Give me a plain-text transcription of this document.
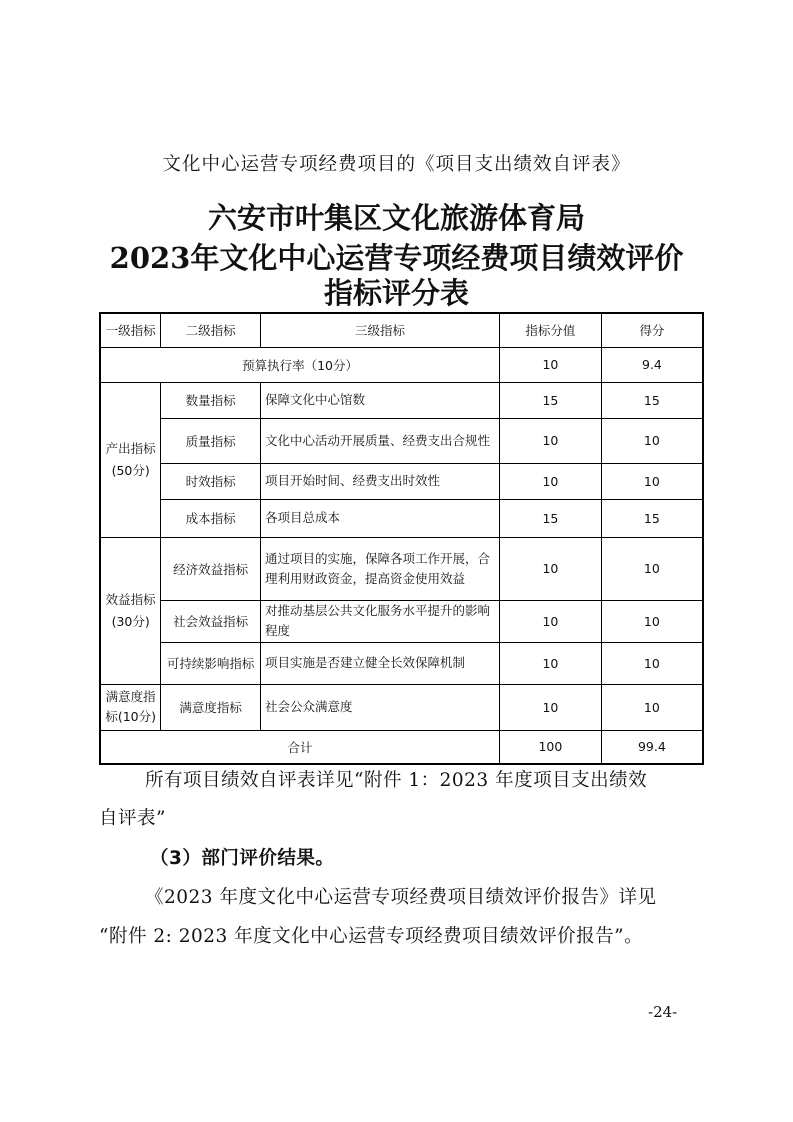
文化中心运营专项经费项目的《项目支出绩效自评表》
六安市叶集区文化旅游体育局
2023年文化中心运营专项经费项目绩效评价
指标评分表
一级指标	二级指标	三级指标	指标分值	得分
预算执行率（10分）			10	9.4
产出指标
(50分)	数量指标	保障文化中心馆数	15	15
	质量指标	文化中心活动开展质量、经费支出合规性	10	10
	时效指标	项目开始时间、经费支出时效性	10	10
	成本指标	各项目总成本	15	15
效益指标
(30分)	经济效益指标	通过项目的实施，保障各项工作开展，合理利用财政资金，提高资金使用效益	10	10
	社会效益指标	对推动基层公共文化服务水平提升的影响程度	10	10
	可持续影响指标	项目实施是否建立健全长效保障机制	10	10
满意度指标(10分)	满意度指标	社会公众满意度	10	10
合计			100	99.4
所有项目绩效自评表详见“附件 1：2023 年度项目支出绩效
自评表”
（3）部门评价结果。
《2023 年度文化中心运营专项经费项目绩效评价报告》详见
“附件 2: 2023 年度文化中心运营专项经费项目绩效评价报告”。
-24-
